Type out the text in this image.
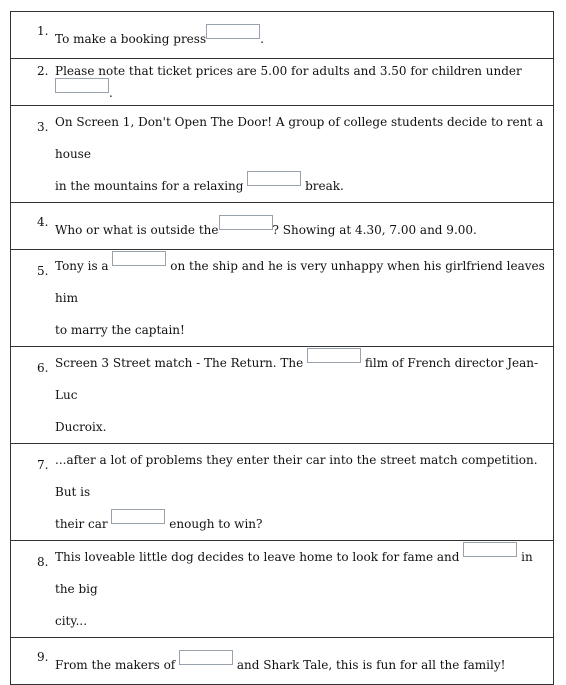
1.
To make a booking press	.

2. Please note that ticket prices are 5.00 for adults and 3.50 for children under.

3. On Screen 1, Don't Open The Door! A group of college students decide to rent a house
in the mountains for a relaxing	break.

4.
Who or what is outside the	? Showing at 4.30, 7.00 and 9.00.

5. Tony is a	on the ship and he is very unhappy when his girlfriend leaves him
to marry the captain!

6. Screen 3 Street match - The Return. The	film of French director Jean-Luc
Ducroix.

7. ...after a lot of problems they enter their car into the street match competition. But is
their car	enough to win?

8. This loveable little dog decides to leave home to look for fame and	in the big
city...

9.
From the makers of	and Shark Tale, this is fun for all the family!
